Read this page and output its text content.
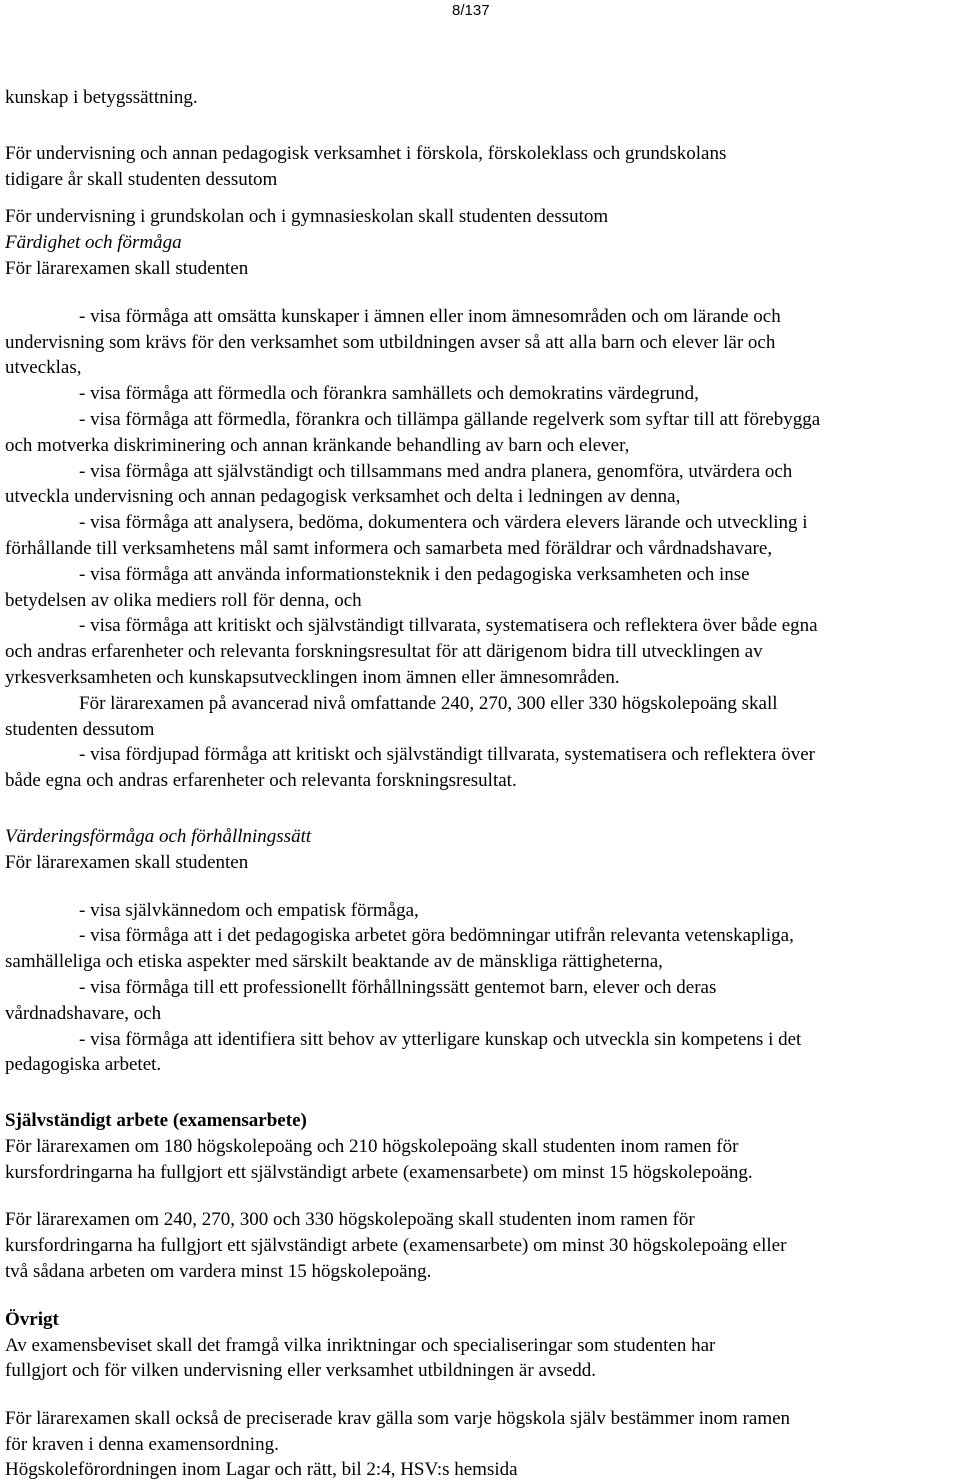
8/137
kunskap i betygssättning.
För undervisning och annan pedagogisk verksamhet i förskola, förskoleklass och grundskolans
tidigare år skall studenten dessutom
För undervisning i grundskolan och i gymnasieskolan skall studenten dessutom
Färdighet och förmåga
För lärarexamen skall studenten
- visa förmåga att omsätta kunskaper i ämnen eller inom ämnesområden och om lärande och
undervisning som krävs för den verksamhet som utbildningen avser så att alla barn och elever lär och
utvecklas,
- visa förmåga att förmedla och förankra samhällets och demokratins värdegrund,
- visa förmåga att förmedla, förankra och tillämpa gällande regelverk som syftar till att förebygga
och motverka diskriminering och annan kränkande behandling av barn och elever,
- visa förmåga att självständigt och tillsammans med andra planera, genomföra, utvärdera och
utveckla undervisning och annan pedagogisk verksamhet och delta i ledningen av denna,
- visa förmåga att analysera, bedöma, dokumentera och värdera elevers lärande och utveckling i
förhållande till verksamhetens mål samt informera och samarbeta med föräldrar och vårdnadshavare,
- visa förmåga att använda informationsteknik i den pedagogiska verksamheten och inse
betydelsen av olika mediers roll för denna, och
- visa förmåga att kritiskt och självständigt tillvarata, systematisera och reflektera över både egna
och andras erfarenheter och relevanta forskningsresultat för att därigenom bidra till utvecklingen av
yrkesverksamheten och kunskapsutvecklingen inom ämnen eller ämnesområden.
För lärarexamen på avancerad nivå omfattande 240, 270, 300 eller 330 högskolepoäng skall
studenten dessutom
- visa fördjupad förmåga att kritiskt och självständigt tillvarata, systematisera och reflektera över
både egna och andras erfarenheter och relevanta forskningsresultat.
Värderingsförmåga och förhållningssätt
För lärarexamen skall studenten
- visa självkännedom och empatisk förmåga,
- visa förmåga att i det pedagogiska arbetet göra bedömningar utifrån relevanta vetenskapliga,
samhälleliga och etiska aspekter med särskilt beaktande av de mänskliga rättigheterna,
- visa förmåga till ett professionellt förhållningssätt gentemot barn, elever och deras
vårdnadshavare, och
- visa förmåga att identifiera sitt behov av ytterligare kunskap och utveckla sin kompetens i det
pedagogiska arbetet.
Självständigt arbete (examensarbete)
För lärarexamen om 180 högskolepoäng och 210 högskolepoäng skall studenten inom ramen för
kursfordringarna ha fullgjort ett självständigt arbete (examensarbete) om minst 15 högskolepoäng.
För lärarexamen om 240, 270, 300 och 330 högskolepoäng skall studenten inom ramen för
kursfordringarna ha fullgjort ett självständigt arbete (examensarbete) om minst 30 högskolepoäng eller
två sådana arbeten om vardera minst 15 högskolepoäng.
Övrigt
Av examensbeviset skall det framgå vilka inriktningar och specialiseringar som studenten har
fullgjort och för vilken undervisning eller verksamhet utbildningen är avsedd.
För lärarexamen skall också de preciserade krav gälla som varje högskola själv bestämmer inom ramen
för kraven i denna examensordning.
Högskoleförordningen inom Lagar och rätt, bil 2:4, HSV:s hemsida
